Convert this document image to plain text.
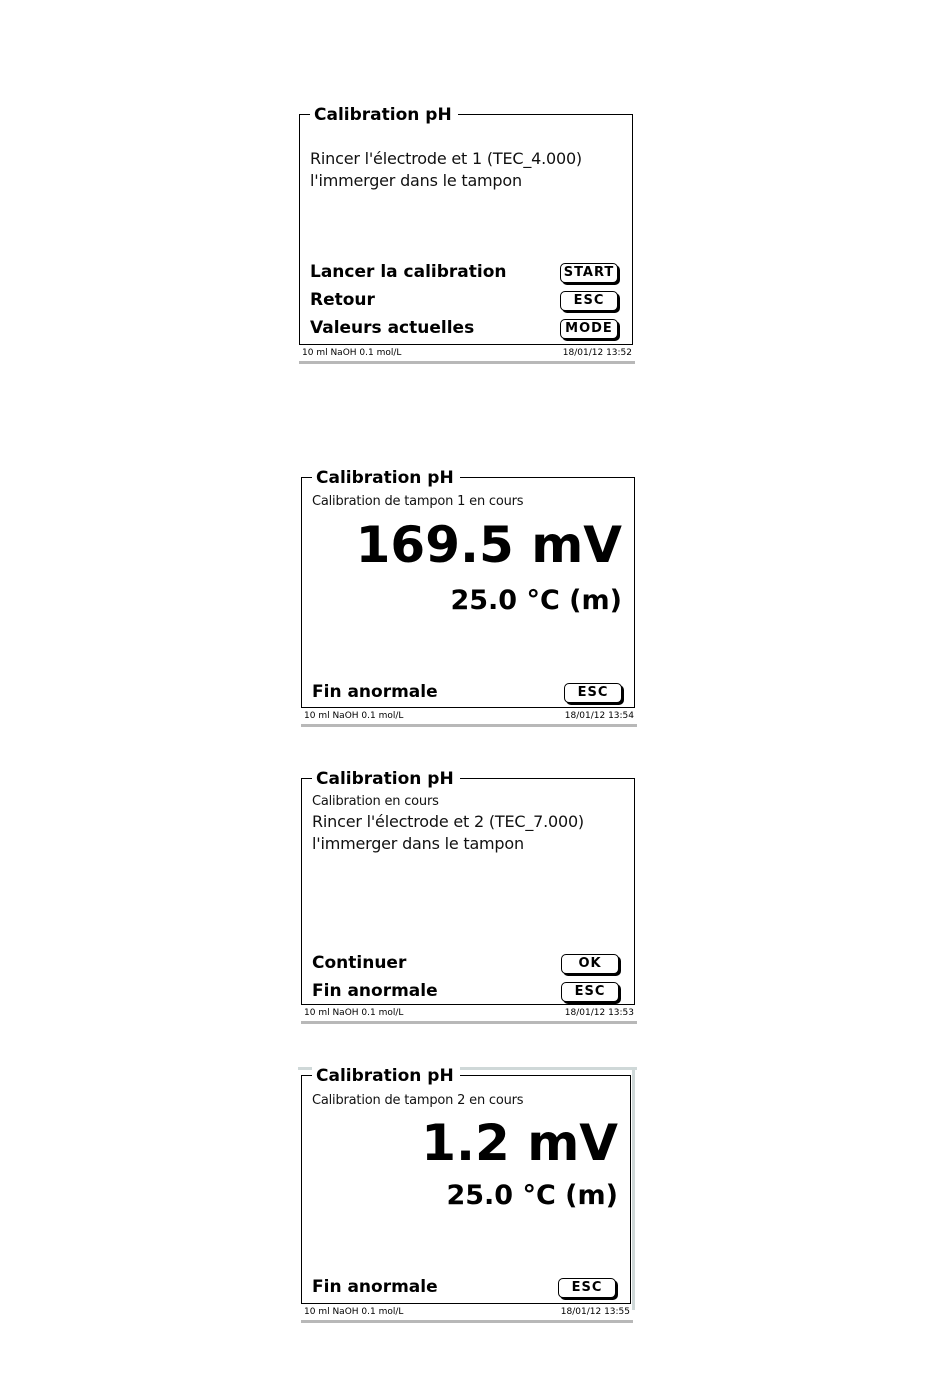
Calibration pH
Rincer l'électrode et 1 (TEC_4.000)
l'immerger dans le tampon
Lancer la calibration	START
Retour	ESC
Valeurs actuelles	MODE
10 ml NaOH 0.1 mol/L	18/01/12 13:52
Calibration pH
Calibration de tampon 1 en cours
169.5 mV
25.0 °C (m)
Fin anormale	ESC
10 ml NaOH 0.1 mol/L	18/01/12 13:54
Calibration pH
Calibration en cours
Rincer l'électrode et 2 (TEC_7.000)
l'immerger dans le tampon
Continuer	OK
Fin anormale	ESC
10 ml NaOH 0.1 mol/L	18/01/12 13:53
Calibration pH
Calibration de tampon 2 en cours
1.2 mV
25.0 °C (m)
Fin anormale	ESC
10 ml NaOH 0.1 mol/L	18/01/12 13:55
